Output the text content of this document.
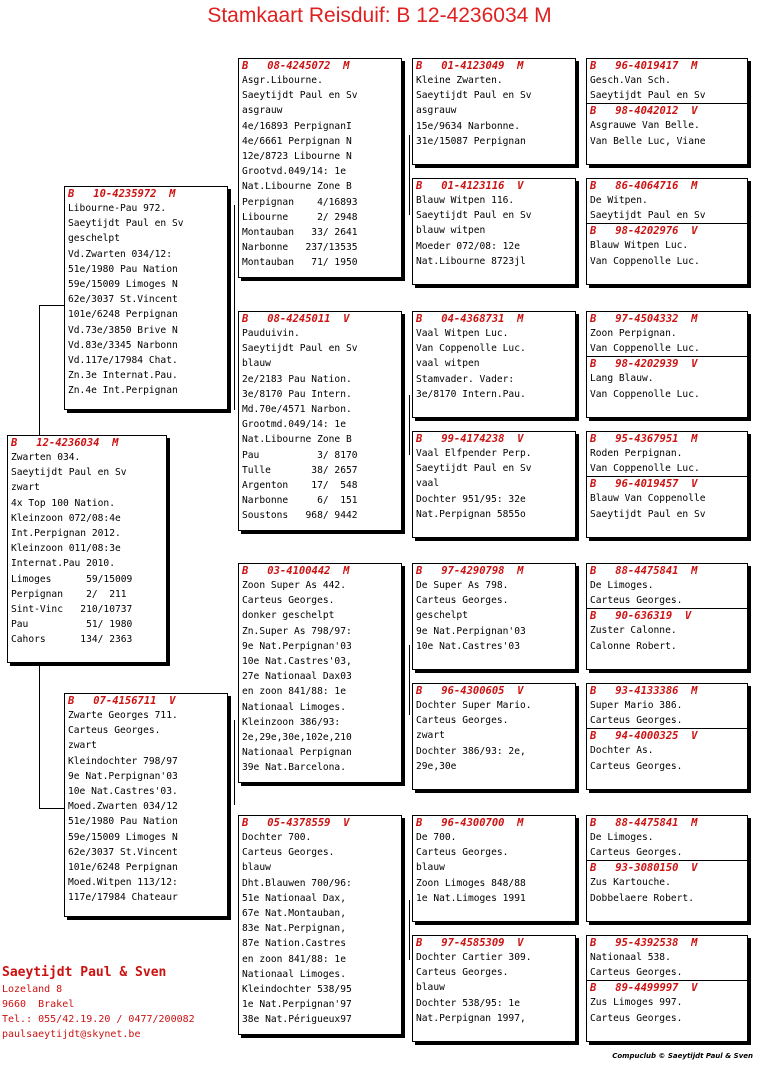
Stamkaart Reisduif: B 12-4236034 M
B   12-4236034  M
Zwarten 034.
Saeytijdt Paul en Sv
zwart
4x Top 100 Nation.
Kleinzoon 072/08:4e
Int.Perpignan 2012.
Kleinzoon 011/08:3e
Internat.Pau 2010.
Limoges      59/15009
Perpignan    2/  211
Sint-Vinc   210/10737
Pau          51/ 1980
Cahors      134/ 2363
B   10-4235972  M
Libourne-Pau 972.
Saeytijdt Paul en Sv
geschelpt
Vd.Zwarten 034/12:
51e/1980 Pau Nation
59e/15009 Limoges N
62e/3037 St.Vincent
101e/6248 Perpignan
Vd.73e/3850 Brive N
Vd.83e/3345 Narbonn
Vd.117e/17984 Chat.
Zn.3e Internat.Pau.
Zn.4e Int.Perpignan
B   07-4156711  V
Zwarte Georges 711.
Carteus Georges.
zwart
Kleindochter 798/97
9e Nat.Perpignan'03
10e Nat.Castres'03.
Moed.Zwarten 034/12
51e/1980 Pau Nation
59e/15009 Limoges N
62e/3037 St.Vincent
101e/6248 Perpignan
Moed.Witpen 113/12:
117e/17984 Chateaur
B   08-4245072  M
Asgr.Libourne.
Saeytijdt Paul en Sv
asgrauw
4e/16893 PerpignanI
4e/6661 Perpignan N
12e/8723 Libourne N
Grootvd.049/14: 1e
Nat.Libourne Zone B
Perpignan    4/16893
Libourne     2/ 2948
Montauban   33/ 2641
Narbonne   237/13535
Montauban   71/ 1950
B   08-4245011  V
Pauduivin.
Saeytijdt Paul en Sv
blauw
2e/2183 Pau Nation.
3e/8170 Pau Intern.
Md.70e/4571 Narbon.
Grootmd.049/14: 1e
Nat.Libourne Zone B
Pau          3/ 8170
Tulle       38/ 2657
Argenton    17/  548
Narbonne     6/  151
Soustons   968/ 9442
B   03-4100442  M
Zoon Super As 442.
Carteus Georges.
donker geschelpt
Zn.Super As 798/97:
9e Nat.Perpignan'03
10e Nat.Castres'03,
27e Nationaal Dax03
en zoon 841/88: 1e
Nationaal Limoges.
Kleinzoon 386/93:
2e,29e,30e,102e,210
Nationaal Perpignan
39e Nat.Barcelona.
B   05-4378559  V
Dochter 700.
Carteus Georges.
blauw
Dht.Blauwen 700/96:
51e Nationaal Dax,
67e Nat.Montauban,
83e Nat.Perpignan,
87e Nation.Castres
en zoon 841/88: 1e
Nationaal Limoges.
Kleindochter 538/95
1e Nat.Perpignan'97
38e Nat.Périgueux97
B   01-4123049  M
Kleine Zwarten.
Saeytijdt Paul en Sv
asgrauw
15e/9634 Narbonne.
31e/15087 Perpignan
B   01-4123116  V
Blauw Witpen 116.
Saeytijdt Paul en Sv
blauw witpen
Moeder 072/08: 12e
Nat.Libourne 8723jl
B   04-4368731  M
Vaal Witpen Luc.
Van Coppenolle Luc.
vaal witpen
Stamvader. Vader:
3e/8170 Intern.Pau.
B   99-4174238  V
Vaal Elfpender Perp.
Saeytijdt Paul en Sv
vaal
Dochter 951/95: 32e
Nat.Perpignan 5855o
B   97-4290798  M
De Super As 798.
Carteus Georges.
geschelpt
9e Nat.Perpignan'03
10e Nat.Castres'03
B   96-4300605  V
Dochter Super Mario.
Carteus Georges.
zwart
Dochter 386/93: 2e,
29e,30e
B   96-4300700  M
De 700.
Carteus Georges.
blauw
Zoon Limoges 848/88
1e Nat.Limoges 1991
B   97-4585309  V
Dochter Cartier 309.
Carteus Georges.
blauw
Dochter 538/95: 1e
Nat.Perpignan 1997,
B   96-4019417  M
Gesch.Van Sch.
Saeytijdt Paul en Sv
B   98-4042012  V
Asgrauwe Van Belle.
Van Belle Luc, Viane
B   86-4064716  M
De Witpen.
Saeytijdt Paul en Sv
B   98-4202976  V
Blauw Witpen Luc.
Van Coppenolle Luc.
B   97-4504332  M
Zoon Perpignan.
Van Coppenolle Luc.
B   98-4202939  V
Lang Blauw.
Van Coppenolle Luc.
B   95-4367951  M
Roden Perpignan.
Van Coppenolle Luc.
B   96-4019457  V
Blauw Van Coppenolle
Saeytijdt Paul en Sv
B   88-4475841  M
De Limoges.
Carteus Georges.
B   90-636319  V
Zuster Calonne.
Calonne Robert.
B   93-4133386  M
Super Mario 386.
Carteus Georges.
B   94-4000325  V
Dochter As.
Carteus Georges.
B   88-4475841  M
De Limoges.
Carteus Georges.
B   93-3080150  V
Zus Kartouche.
Dobbelaere Robert.
B   95-4392538  M
Nationaal 538.
Carteus Georges.
B   89-4499997  V
Zus Limoges 997.
Carteus Georges.
Saeytijdt Paul & Sven
Lozeland 8
9660  Brakel
Tel.: 055/42.19.20 / 0477/200082
paulsaeytijdt@skynet.be
Compuclub © Saeytijdt Paul & Sven
